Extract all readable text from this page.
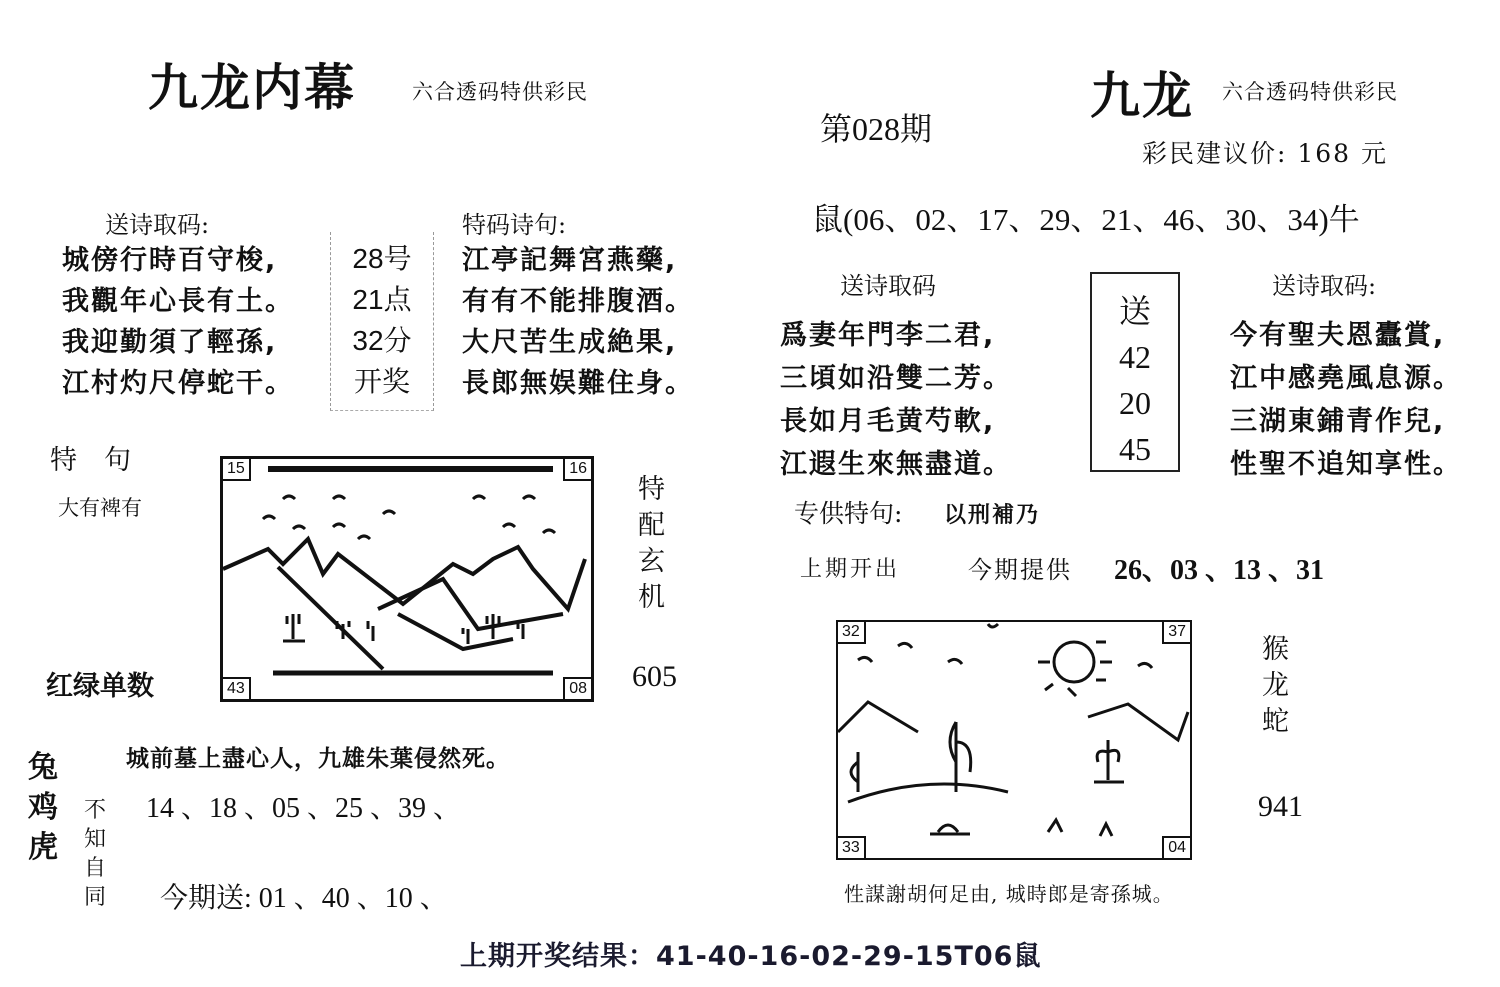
九龙内幕	六合透码特供彩民	九龙 六合透码特供彩民
第028期
彩民建议价: 168 元
鼠(06、02、17、29、21、46、30、34)牛
送诗取码:
城傍行時百守梭,
我觀年心長有土。
我迎勤須了輕孫,
江村灼尺停蛇干。
28号
21点
32分
开奖
特码诗句:
江亭記舞宮燕藥,
有有不能排腹酒。
大尺苦生成絶果,
長郎無娱難住身。
特　句
大有裨有
红绿单数
15	16
43	08
特
配
玄
机
605
兔
鸡
虎
不
知
自
同
城前墓上盡心人，九雄朱葉侵然死。
14 、18 、05 、25 、39 、
今期送: 01 、40 、10 、
送诗取码
爲妻年門李二君,
三頃如沿雙二芳。
長如月毛黄芍軟,
江遐生來無盡道。
送
42
20
45
送诗取码:
今有聖夫恩蠹賞,
江中感堯風息源。
三湖東鋪青作兒,
性聖不追知享性。
专供特句: 以刑補乃
上期开出	今期提供 26、03 、13 、31
32	37
33	04
猴
龙
蛇
941
性謀謝胡何足由, 城時郎是寄孫城。
上期开奖结果：41-40-16-02-29-15T06鼠
